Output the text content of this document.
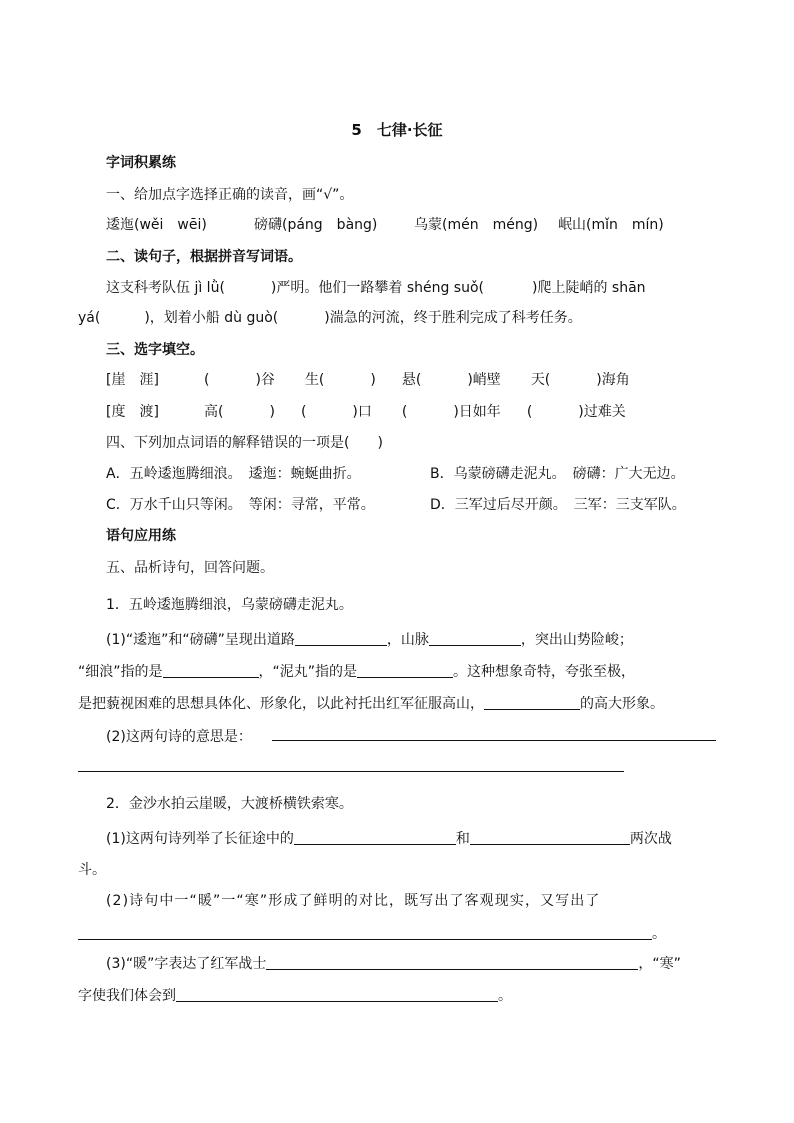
5　七律·长征
字词积累练
一、给加点字选择正确的读音，画“√”。
逶迤(wěi　wēi)	磅礴(páng　bàng)	乌蒙(mén　méng) 岷山(mǐn　mín)
二、读句子，根据拼音写词语。
这支科考队伍 jì lǜ(	)严明。他们一路攀着 shéng suǒ(	)爬上陡峭的 shān
yá(	)，划着小船 dù guò(	)湍急的河流，终于胜利完成了科考任务。
三、选字填空。
[崖　涯]	(	)谷 生(	) 悬(	)峭壁 天(	)海角
[度　渡]	高(	) (	)口 (	)日如年 (	)过难关
四、下列加点词语的解释错误的一项是(　　)
A．五岭逶迤腾细浪。　逶迤：蜿蜒曲折。	B．乌蒙磅礴走泥丸。　磅礴：广大无边。
C．万水千山只等闲。　等闲：寻常，平常。	D．三军过后尽开颜。　三军：三支军队。
语句应用练
五、品析诗句，回答问题。
1．五岭逶迤腾细浪，乌蒙磅礴走泥丸。
(1)“逶迤”和“磅礴”呈现出道路	，山脉	，突出山势险峻；
“细浪”指的是	，“泥丸”指的是	。这种想象奇特，夸张至极，
是把藐视困难的思想具体化、形象化，以此衬托出红军征服高山，	的高大形象。
(2)这两句诗的意思是：
2．金沙水拍云崖暖，大渡桥横铁索寒。
(1)这两句诗列举了长征途中的	和	两次战
斗。
(2)诗句中一“暖”一“寒”形成了鲜明的对比，既写出了客观现实，又写出了
。
(3)“暖”字表达了红军战士	，“寒”
字使我们体会到	。
